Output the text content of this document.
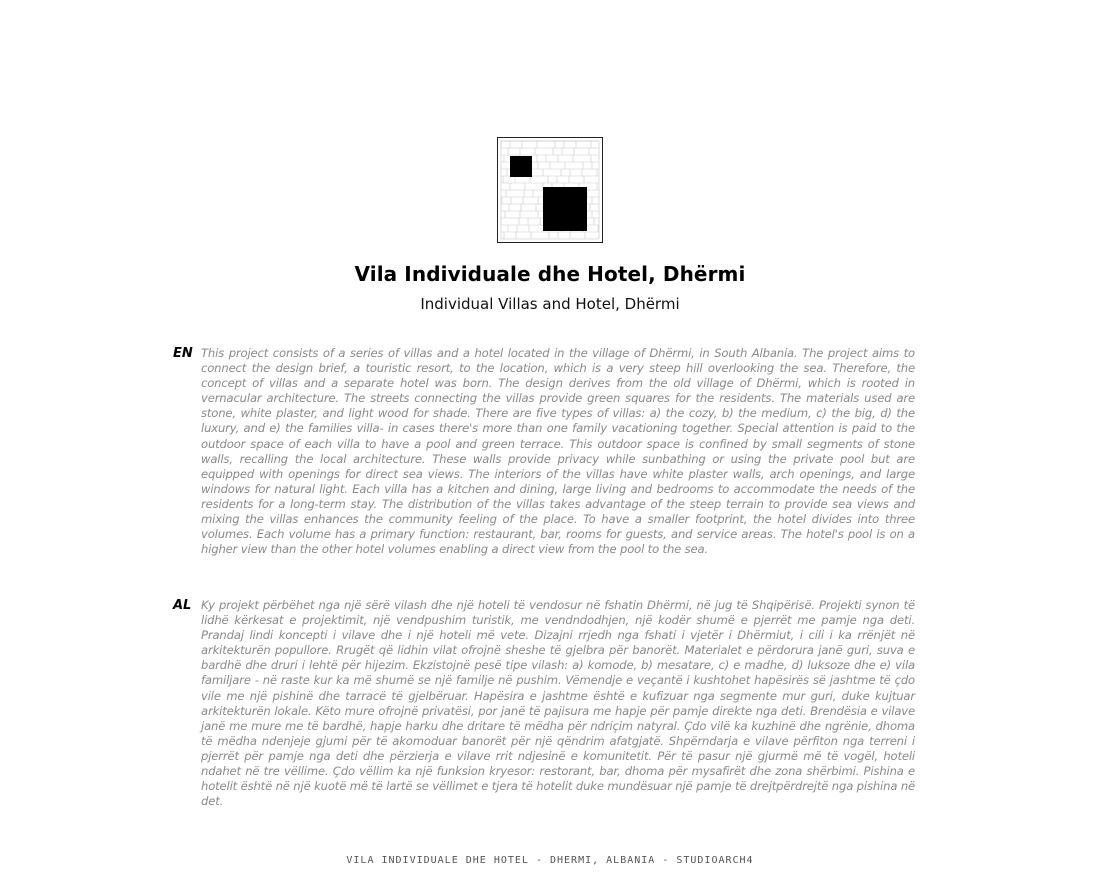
Vila Individuale dhe Hotel, Dhërmi
Individual Villas and Hotel, Dhërmi
EN This project consists of a series of villas and a hotel located in the village of Dhërmi, in South Albania. The project aims to connect the design brief, a touristic resort, to the location, which is a very steep hill overlooking the sea. Therefore, the concept of villas and a separate hotel was born. The design derives from the old village of Dhërmi, which is rooted in vernacular architecture. The streets connecting the villas provide green squares for the residents. The materials used are stone, white plaster, and light wood for shade. There are five types of villas: a) the cozy, b) the medium, c) the big, d) the luxury, and e) the families villa- in cases there's more than one family vacationing together. Special attention is paid to the outdoor space of each villa to have a pool and green terrace. This outdoor space is confined by small segments of stone walls, recalling the local architecture. These walls provide privacy while sunbathing or using the private pool but are equipped with openings for direct sea views. The interiors of the villas have white plaster walls, arch openings, and large windows for natural light. Each villa has a kitchen and dining, large living and bedrooms to accommodate the needs of the residents for a long-term stay. The distribution of the villas takes advantage of the steep terrain to provide sea views and mixing the villas enhances the community feeling of the place. To have a smaller footprint, the hotel divides into three volumes. Each volume has a primary function: restaurant, bar, rooms for guests, and service areas. The hotel's pool is on a higher view than the other hotel volumes enabling a direct view from the pool to the sea.
AL Ky projekt përbëhet nga një sërë vilash dhe një hoteli të vendosur në fshatin Dhërmi, në jug të Shqipërisë. Projekti synon të lidhë kërkesat e projektimit, një vendpushim turistik, me vendndodhjen, një kodër shumë e pjerrët me pamje nga deti. Prandaj lindi koncepti i vilave dhe i një hoteli më vete. Dizajni rrjedh nga fshati i vjetër i Dhërmiut, i cili i ka rrënjët në arkitekturën popullore. Rrugët që lidhin vilat ofrojnë sheshe të gjelbra për banorët. Materialet e përdorura janë guri, suva e bardhë dhe druri i lehtë për hijezim. Ekzistojnë pesë tipe vilash: a) komode, b) mesatare, c) e madhe, d) luksoze dhe e) vila familjare - në raste kur ka më shumë se një familje në pushim. Vëmendje e veçantë i kushtohet hapësirës së jashtme të çdo vile me një pishinë dhe tarracë të gjelbëruar. Hapësira e jashtme është e kufizuar nga segmente mur guri, duke kujtuar arkitekturën lokale. Këto mure ofrojnë privatësi, por janë të pajisura me hapje për pamje direkte nga deti. Brendësia e vilave janë me mure me të bardhë, hapje harku dhe dritare të mëdha për ndriçim natyral. Çdo vilë ka kuzhinë dhe ngrënie, dhoma të mëdha ndenjeje gjumi për të akomoduar banorët për një qëndrim afatgjatë. Shpërndarja e vilave përfiton nga terreni i pjerrët për pamje nga deti dhe përzierja e vilave rrit ndjesinë e komunitetit. Për të pasur një gjurmë më të vogël, hoteli ndahet në tre vëllime. Çdo vëllim ka një funksion kryesor: restorant, bar, dhoma për mysafirët dhe zona shërbimi. Pishina e hotelit është në një kuotë më të lartë se vëllimet e tjera të hotelit duke mundësuar një pamje të drejtpërdrejtë nga pishina në det.
VILA INDIVIDUALE DHE HOTEL - DHERMI, ALBANIA - STUDIOARCH4
